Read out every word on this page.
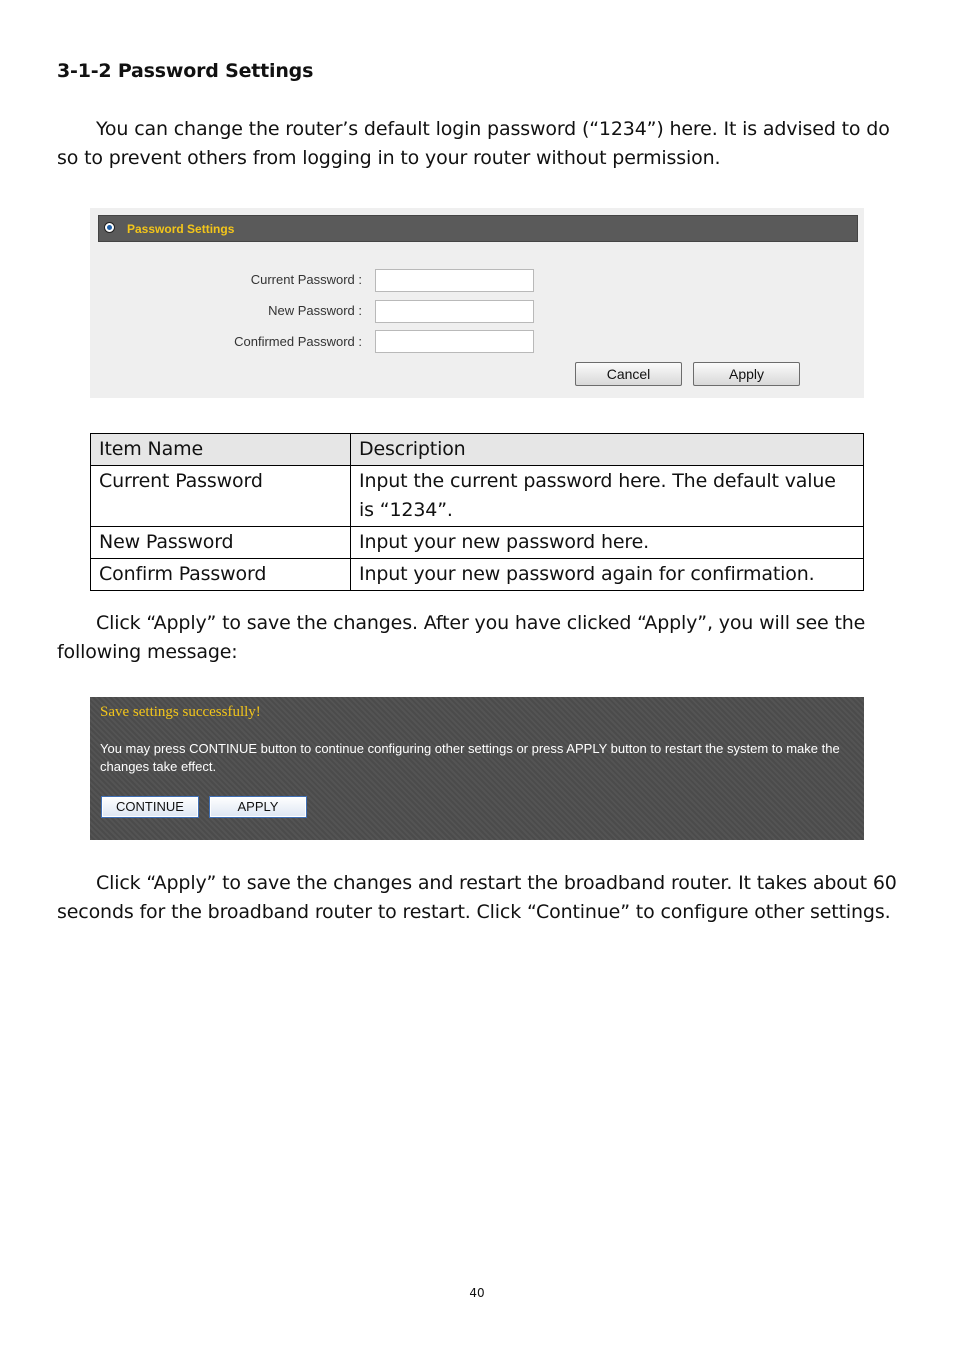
3-1-2 Password Settings
You can change the router’s default login password (“1234”) here. It is advised to do so to prevent others from logging in to your router without permission.
Password Settings
Current Password :
New Password :
Confirmed Password :
Cancel	Apply
Item Name	Description
Current Password	Input the current password here. The default value is “1234”.
New Password	Input your new password here.
Confirm Password	Input your new password again for confirmation.
Click “Apply” to save the changes. After you have clicked “Apply”, you will see the following message:
Save settings successfully!
You may press CONTINUE button to continue configuring other settings or press APPLY button to restart the system to make the changes take effect.
CONTINUE	APPLY
Click “Apply” to save the changes and restart the broadband router. It takes about 60 seconds for the broadband router to restart. Click “Continue” to configure other settings.
40
